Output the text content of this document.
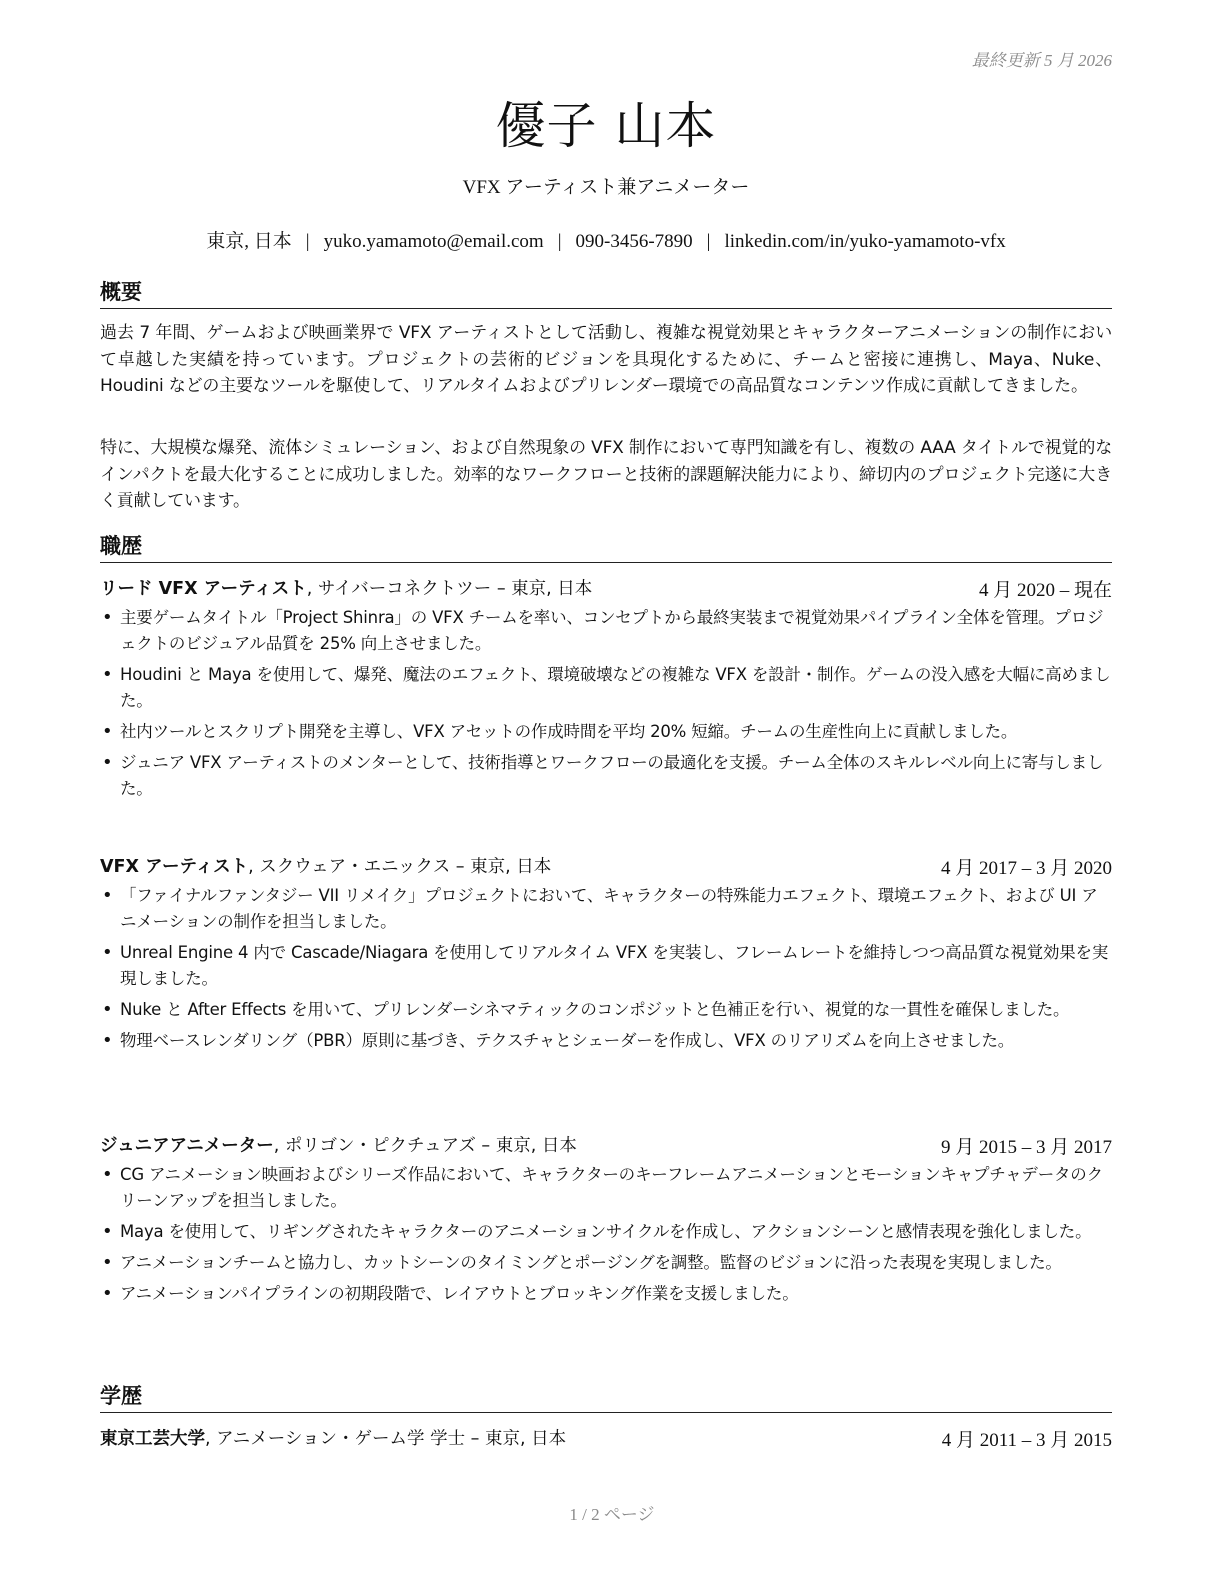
最終更新 5 月 2026
優子 山本
VFX アーティスト兼アニメーター
東京, 日本 | yuko.yamamoto@email.com | 090-3456-7890 | linkedin.com/in/yuko-yamamoto-vfx
概要
過去 7 年間、ゲームおよび映画業界で VFX アーティストとして活動し、複雑な視覚効果とキャラクターアニメーションの制作において卓越した実績を持っています。プロジェクトの芸術的ビジョンを具現化するために、チームと密接に連携し、Maya、Nuke、Houdini などの主要なツールを駆使して、リアルタイムおよびプリレンダー環境での高品質なコンテンツ作成に貢献してきました。
特に、大規模な爆発、流体シミュレーション、および自然現象の VFX 制作において専門知識を有し、複数の AAA タイトルで視覚的なインパクトを最大化することに成功しました。効率的なワークフローと技術的課題解決能力により、締切内のプロジェクト完遂に大きく貢献しています。
職歴
リード VFX アーティスト, サイバーコネクトツー – 東京, 日本	4 月 2020 – 現在
• 主要ゲームタイトル「Project Shinra」の VFX チームを率い、コンセプトから最終実装まで視覚効果パイプライン全体を管理。プロジェクトのビジュアル品質を 25% 向上させました。
• Houdini と Maya を使用して、爆発、魔法のエフェクト、環境破壊などの複雑な VFX を設計・制作。ゲームの没入感を大幅に高めました。
• 社内ツールとスクリプト開発を主導し、VFX アセットの作成時間を平均 20% 短縮。チームの生産性向上に貢献しました。
• ジュニア VFX アーティストのメンターとして、技術指導とワークフローの最適化を支援。チーム全体のスキルレベル向上に寄与しました。
VFX アーティスト, スクウェア・エニックス – 東京, 日本	4 月 2017 – 3 月 2020
• 「ファイナルファンタジー VII リメイク」プロジェクトにおいて、キャラクターの特殊能力エフェクト、環境エフェクト、および UI アニメーションの制作を担当しました。
• Unreal Engine 4 内で Cascade/Niagara を使用してリアルタイム VFX を実装し、フレームレートを維持しつつ高品質な視覚効果を実現しました。
• Nuke と After Effects を用いて、プリレンダーシネマティックのコンポジットと色補正を行い、視覚的な一貫性を確保しました。
• 物理ベースレンダリング（PBR）原則に基づき、テクスチャとシェーダーを作成し、VFX のリアリズムを向上させました。
ジュニアアニメーター, ポリゴン・ピクチュアズ – 東京, 日本	9 月 2015 – 3 月 2017
• CG アニメーション映画およびシリーズ作品において、キャラクターのキーフレームアニメーションとモーションキャプチャデータのクリーンアップを担当しました。
• Maya を使用して、リギングされたキャラクターのアニメーションサイクルを作成し、アクションシーンと感情表現を強化しました。
• アニメーションチームと協力し、カットシーンのタイミングとポージングを調整。監督のビジョンに沿った表現を実現しました。
• アニメーションパイプラインの初期段階で、レイアウトとブロッキング作業を支援しました。
学歴
東京工芸大学, アニメーション・ゲーム学 学士 – 東京, 日本	4 月 2011 – 3 月 2015
1 / 2 ページ
